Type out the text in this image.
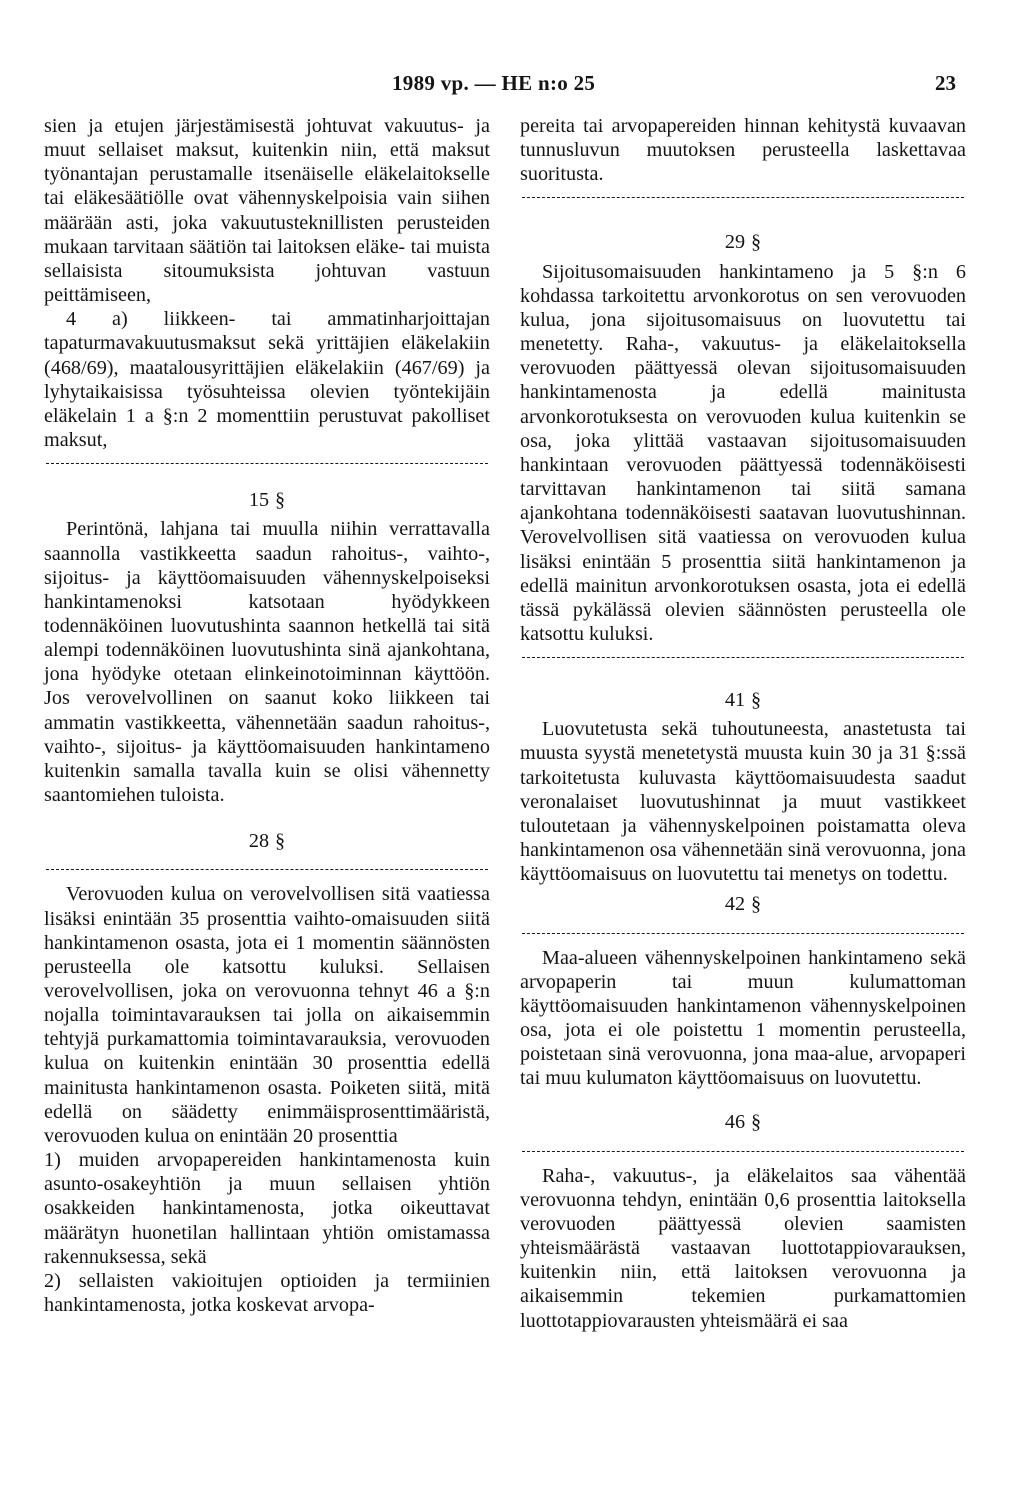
1989 vp. — HE n:o 25	23

sien ja etujen järjestämisestä johtuvat vakuutus- ja muut sellaiset maksut, kuitenkin niin, että maksut työnantajan perustamalle itsenäiselle eläkelaitokselle tai eläkesäätiölle ovat vähennyskelpoisia vain siihen määrään asti, joka vakuutusteknillisten perusteiden mukaan tarvitaan säätiön tai laitoksen eläke- tai muista sellaisista sitoumuksista johtuvan vastuun peittämiseen,

4 a) liikkeen- tai ammatinharjoittajan tapaturmavakuutusmaksut sekä yrittäjien eläkelakiin (468/69), maatalousyrittäjien eläkelakiin (467/69) ja lyhytaikaisissa työsuhteissa olevien työntekijäin eläkelain 1 a §:n 2 momenttiin perustuvat pakolliset maksut,

15 §

Perintönä, lahjana tai muulla niihin verrattavalla saannolla vastikkeetta saadun rahoitus-, vaihto-, sijoitus- ja käyttöomaisuuden vähennyskelpoiseksi hankintamenoksi katsotaan hyödykkeen todennäköinen luovutushinta saannon hetkellä tai sitä alempi todennäköinen luovutushinta sinä ajankohtana, jona hyödyke otetaan elinkeinotoiminnan käyttöön. Jos verovelvollinen on saanut koko liikkeen tai ammatin vastikkeetta, vähennetään saadun rahoitus-, vaihto-, sijoitus- ja käyttöomaisuuden hankintameno kuitenkin samalla tavalla kuin se olisi vähennetty saantomiehen tuloista.

28 §

Verovuoden kulua on verovelvollisen sitä vaatiessa lisäksi enintään 35 prosenttia vaihto-omaisuuden siitä hankintamenon osasta, jota ei 1 momentin säännösten perusteella ole katsottu kuluksi. Sellaisen verovelvollisen, joka on verovuonna tehnyt 46 a §:n nojalla toimintavarauksen tai jolla on aikaisemmin tehtyjä purkamattomia toimintavarauksia, verovuoden kulua on kuitenkin enintään 30 prosenttia edellä mainitusta hankintamenon osasta. Poiketen siitä, mitä edellä on säädetty enimmäisprosenttimääristä, verovuoden kulua on enintään 20 prosenttia

1) muiden arvopapereiden hankintamenosta kuin asunto-osakeyhtiön ja muun sellaisen yhtiön osakkeiden hankintamenosta, jotka oikeuttavat määrätyn huonetilan hallintaan yhtiön omistamassa rakennuksessa, sekä

2) sellaisten vakioitujen optioiden ja termiinien hankintamenosta, jotka koskevat arvopa-

pereita tai arvopapereiden hinnan kehitystä kuvaavan tunnusluvun muutoksen perusteella laskettavaa suoritusta.

29 §

Sijoitusomaisuuden hankintameno ja 5 §:n 6 kohdassa tarkoitettu arvonkorotus on sen verovuoden kulua, jona sijoitusomaisuus on luovutettu tai menetetty. Raha-, vakuutus- ja eläkelaitoksella verovuoden päättyessä olevan sijoitusomaisuuden hankintamenosta ja edellä mainitusta arvonkorotuksesta on verovuoden kulua kuitenkin se osa, joka ylittää vastaavan sijoitusomaisuuden hankintaan verovuoden päättyessä todennäköisesti tarvittavan hankintamenon tai siitä samana ajankohtana todennäköisesti saatavan luovutushinnan. Verovelvollisen sitä vaatiessa on verovuoden kulua lisäksi enintään 5 prosenttia siitä hankintamenon ja edellä mainitun arvonkorotuksen osasta, jota ei edellä tässä pykälässä olevien säännösten perusteella ole katsottu kuluksi.

41 §

Luovutetusta sekä tuhoutuneesta, anastetusta tai muusta syystä menetetystä muusta kuin 30 ja 31 §:ssä tarkoitetusta kuluvasta käyttöomaisuudesta saadut veronalaiset luovutushinnat ja muut vastikkeet tuloutetaan ja vähennyskelpoinen poistamatta oleva hankintamenon osa vähennetään sinä verovuonna, jona käyttöomaisuus on luovutettu tai menetys on todettu.

42 §

Maa-alueen vähennyskelpoinen hankintameno sekä arvopaperin tai muun kulumattoman käyttöomaisuuden hankintamenon vähennyskelpoinen osa, jota ei ole poistettu 1 momentin perusteella, poistetaan sinä verovuonna, jona maa-alue, arvopaperi tai muu kulumaton käyttöomaisuus on luovutettu.

46 §

Raha-, vakuutus-, ja eläkelaitos saa vähentää verovuonna tehdyn, enintään 0,6 prosenttia laitoksella verovuoden päättyessä olevien saamisten yhteismäärästä vastaavan luottotappiovarauksen, kuitenkin niin, että laitoksen verovuonna ja aikaisemmin tekemien purkamattomien luottotappiovarausten yhteismäärä ei saa
